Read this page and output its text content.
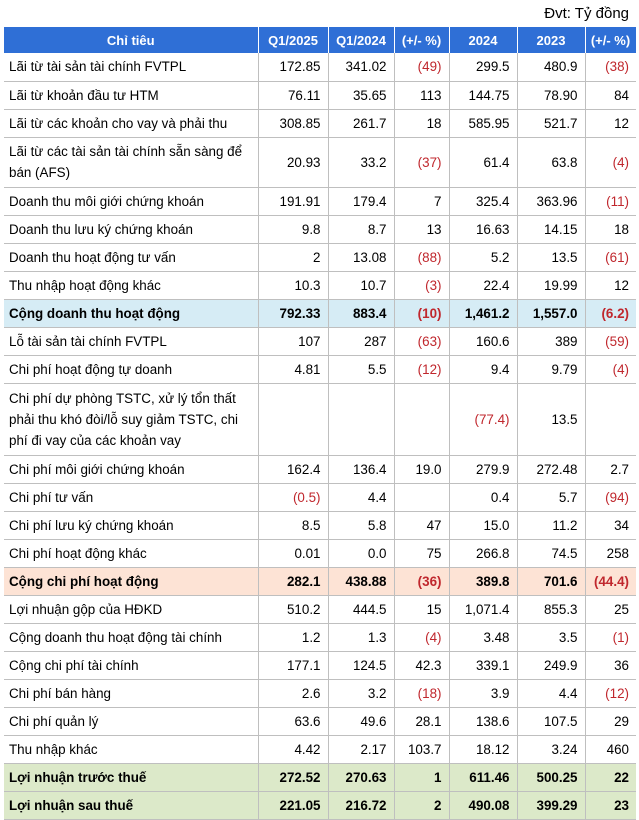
Đvt: Tỷ đồng
Chỉ tiêu	Q1/2025	Q1/2024	(+/- %)	2024	2023	(+/- %)
Lãi từ tài sản tài chính FVTPL	172.85	341.02	(49)	299.5	480.9	(38)
Lãi từ khoản đầu tư HTM	76.11	35.65	113	144.75	78.90	84
Lãi từ các khoản cho vay và phải thu	308.85	261.7	18	585.95	521.7	12
Lãi từ các tài sản tài chính sẵn sàng để bán (AFS)	20.93	33.2	(37)	61.4	63.8	(4)
Doanh thu môi giới chứng khoán	191.91	179.4	7	325.4	363.96	(11)
Doanh thu lưu ký chứng khoán	9.8	8.7	13	16.63	14.15	18
Doanh thu hoạt động tư vấn	2	13.08	(88)	5.2	13.5	(61)
Thu nhập hoạt động khác	10.3	10.7	(3)	22.4	19.99	12
Cộng doanh thu hoạt động	792.33	883.4	(10)	1,461.2	1,557.0	(6.2)
Lỗ tài sản tài chính FVTPL	107	287	(63)	160.6	389	(59)
Chi phí hoạt động tự doanh	4.81	5.5	(12)	9.4	9.79	(4)
Chi phí dự phòng TSTC, xử lý tổn thất phải thu khó đòi/lỗ suy giảm TSTC, chi phí đi vay của các khoản vay				(77.4)	13.5	
Chi phí môi giới chứng khoán	162.4	136.4	19.0	279.9	272.48	2.7
Chi phí tư vấn	(0.5)	4.4		0.4	5.7	(94)
Chi phí lưu ký chứng khoán	8.5	5.8	47	15.0	11.2	34
Chi phí hoạt động khác	0.01	0.0	75	266.8	74.5	258
Cộng chi phí hoạt động	282.1	438.88	(36)	389.8	701.6	(44.4)
Lợi nhuận gộp của HĐKD	510.2	444.5	15	1,071.4	855.3	25
Cộng doanh thu hoạt động tài chính	1.2	1.3	(4)	3.48	3.5	(1)
Cộng chi phí tài chính	177.1	124.5	42.3	339.1	249.9	36
Chi phí bán hàng	2.6	3.2	(18)	3.9	4.4	(12)
Chi phí quản lý	63.6	49.6	28.1	138.6	107.5	29
Thu nhập khác	4.42	2.17	103.7	18.12	3.24	460
Lợi nhuận trước thuế	272.52	270.63	1	611.46	500.25	22
Lợi nhuận sau thuế	221.05	216.72	2	490.08	399.29	23
